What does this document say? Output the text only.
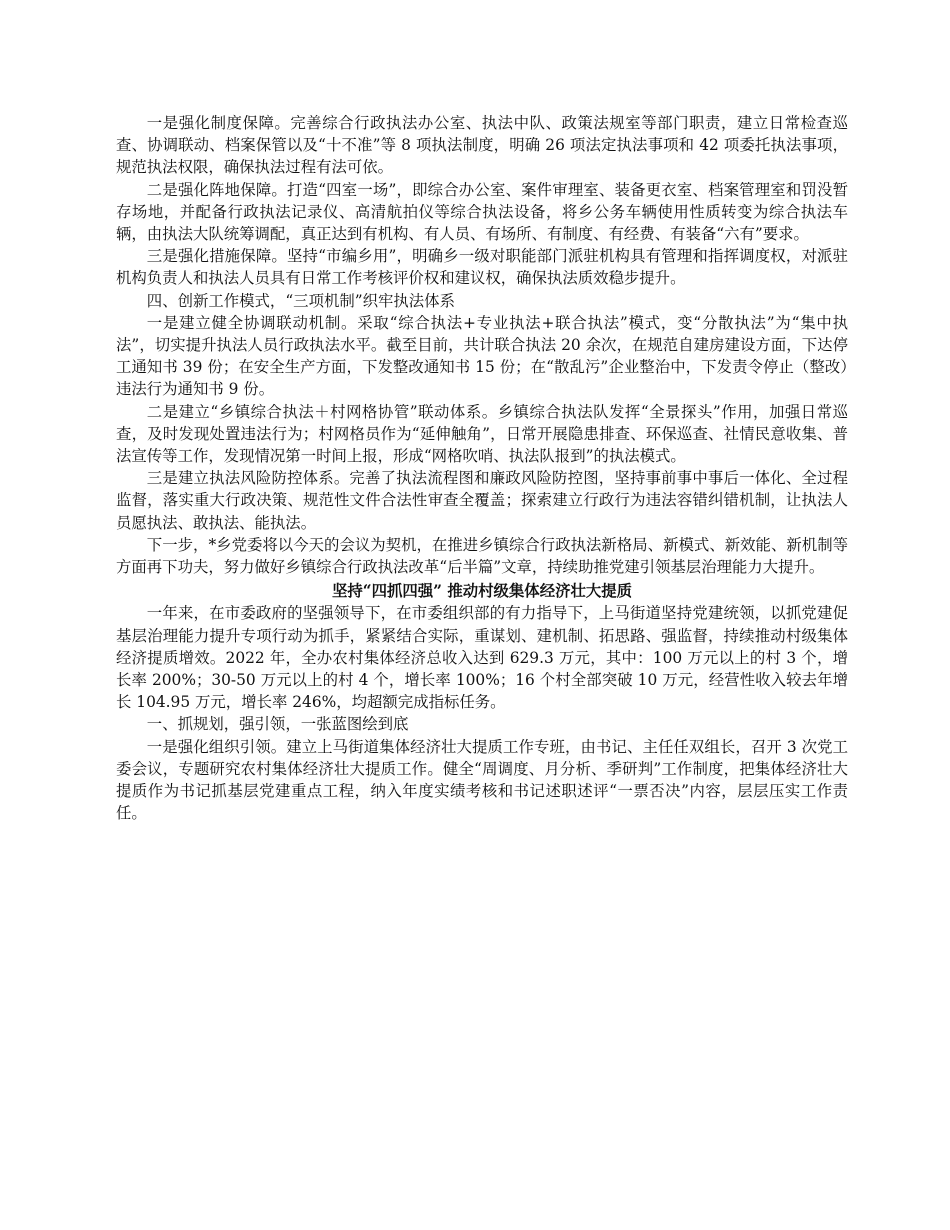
一是强化制度保障。完善综合行政执法办公室、执法中队、政策法规室等部门职责，建立日常检查巡查、协调联动、档案保管以及“十不准”等 8 项执法制度，明确 26 项法定执法事项和 42 项委托执法事项，规范执法权限，确保执法过程有法可依。

二是强化阵地保障。打造“四室一场”，即综合办公室、案件审理室、装备更衣室、档案管理室和罚没暂存场地，并配备行政执法记录仪、高清航拍仪等综合执法设备，将乡公务车辆使用性质转变为综合执法车辆，由执法大队统筹调配，真正达到有机构、有人员、有场所、有制度、有经费、有装备“六有”要求。

三是强化措施保障。坚持“市编乡用”，明确乡一级对职能部门派驻机构具有管理和指挥调度权，对派驻机构负责人和执法人员具有日常工作考核评价权和建议权，确保执法质效稳步提升。

四、创新工作模式，“三项机制”织牢执法体系

一是建立健全协调联动机制。采取“综合执法+专业执法+联合执法”模式，变“分散执法”为“集中执法”，切实提升执法人员行政执法水平。截至目前，共计联合执法 20 余次，在规范自建房建设方面，下达停工通知书 39 份；在安全生产方面，下发整改通知书 15 份；在“散乱污”企业整治中，下发责令停止（整改）违法行为通知书 9 份。

二是建立“乡镇综合执法＋村网格协管”联动体系。乡镇综合执法队发挥“全景探头”作用，加强日常巡查，及时发现处置违法行为；村网格员作为“延伸触角”，日常开展隐患排查、环保巡查、社情民意收集、普法宣传等工作，发现情况第一时间上报，形成“网格吹哨、执法队报到”的执法模式。

三是建立执法风险防控体系。完善了执法流程图和廉政风险防控图，坚持事前事中事后一体化、全过程监督，落实重大行政决策、规范性文件合法性审查全覆盖；探索建立行政行为违法容错纠错机制，让执法人员愿执法、敢执法、能执法。

下一步，*乡党委将以今天的会议为契机，在推进乡镇综合行政执法新格局、新模式、新效能、新机制等方面再下功夫，努力做好乡镇综合行政执法改革“后半篇”文章，持续助推党建引领基层治理能力大提升。

坚持“四抓四强” 推动村级集体经济壮大提质

一年来，在市委政府的坚强领导下，在市委组织部的有力指导下，上马街道坚持党建统领，以抓党建促基层治理能力提升专项行动为抓手，紧紧结合实际，重谋划、建机制、拓思路、强监督，持续推动村级集体经济提质增效。2022 年，全办农村集体经济总收入达到 629.3 万元，其中：100 万元以上的村 3 个，增长率 200%；30-50 万元以上的村 4 个，增长率 100%；16 个村全部突破 10 万元，经营性收入较去年增长 104.95 万元，增长率 246%，均超额完成指标任务。

一、抓规划，强引领，一张蓝图绘到底

一是强化组织引领。建立上马街道集体经济壮大提质工作专班，由书记、主任任双组长，召开 3 次党工委会议，专题研究农村集体经济壮大提质工作。健全“周调度、月分析、季研判”工作制度，把集体经济壮大提质作为书记抓基层党建重点工程，纳入年度实绩考核和书记述职述评“一票否决”内容，层层压实工作责任。
